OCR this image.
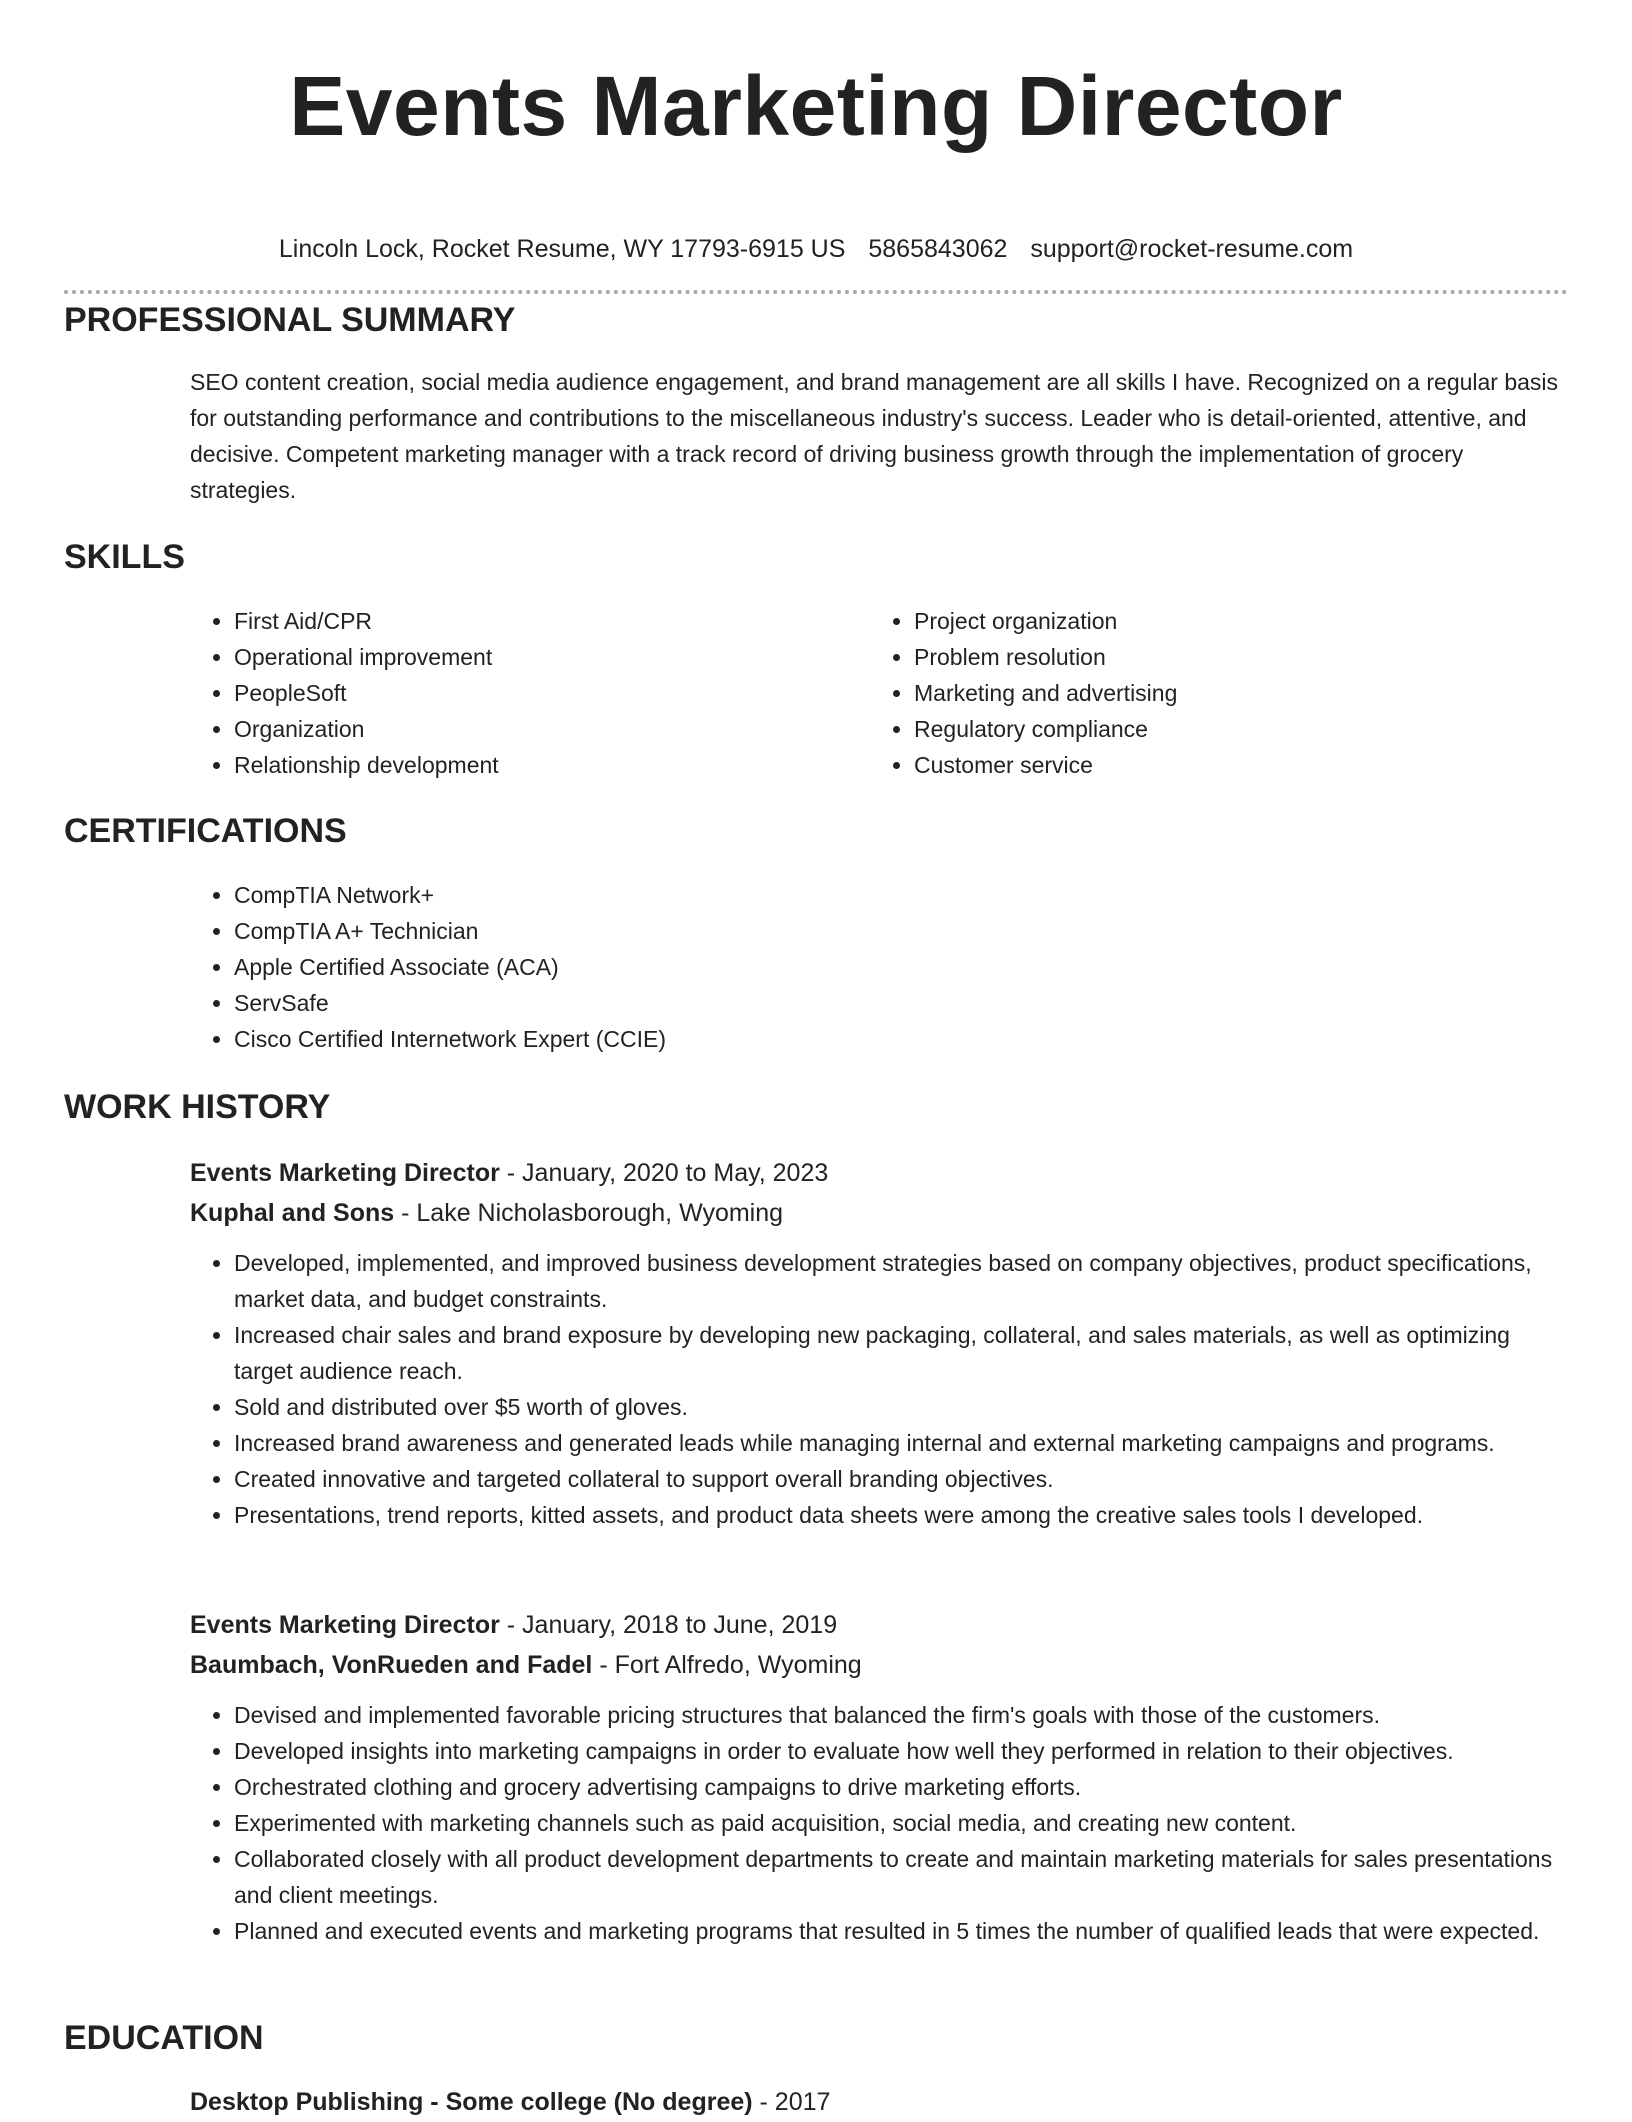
Events Marketing Director
Lincoln Lock, Rocket Resume, WY 17793-6915 US 5865843062 support@rocket-resume.com
PROFESSIONAL SUMMARY
SEO content creation, social media audience engagement, and brand management are all skills I have. Recognized on a regular basis for outstanding performance and contributions to the miscellaneous industry's success. Leader who is detail-oriented, attentive, and decisive. Competent marketing manager with a track record of driving business growth through the implementation of grocery strategies.
SKILLS
• First Aid/CPR
• Operational improvement
• PeopleSoft
• Organization
• Relationship development
• Project organization
• Problem resolution
• Marketing and advertising
• Regulatory compliance
• Customer service
CERTIFICATIONS
• CompTIA Network+
• CompTIA A+ Technician
• Apple Certified Associate (ACA)
• ServSafe
• Cisco Certified Internetwork Expert (CCIE)
WORK HISTORY
Events Marketing Director - January, 2020 to May, 2023
Kuphal and Sons - Lake Nicholasborough, Wyoming
• Developed, implemented, and improved business development strategies based on company objectives, product specifications, market data, and budget constraints.
• Increased chair sales and brand exposure by developing new packaging, collateral, and sales materials, as well as optimizing target audience reach.
• Sold and distributed over $5 worth of gloves.
• Increased brand awareness and generated leads while managing internal and external marketing campaigns and programs.
• Created innovative and targeted collateral to support overall branding objectives.
• Presentations, trend reports, kitted assets, and product data sheets were among the creative sales tools I developed.
Events Marketing Director - January, 2018 to June, 2019
Baumbach, VonRueden and Fadel - Fort Alfredo, Wyoming
• Devised and implemented favorable pricing structures that balanced the firm's goals with those of the customers.
• Developed insights into marketing campaigns in order to evaluate how well they performed in relation to their objectives.
• Orchestrated clothing and grocery advertising campaigns to drive marketing efforts.
• Experimented with marketing channels such as paid acquisition, social media, and creating new content.
• Collaborated closely with all product development departments to create and maintain marketing materials for sales presentations and client meetings.
• Planned and executed events and marketing programs that resulted in 5 times the number of qualified leads that were expected.
EDUCATION
Desktop Publishing - Some college (No degree) - 2017
